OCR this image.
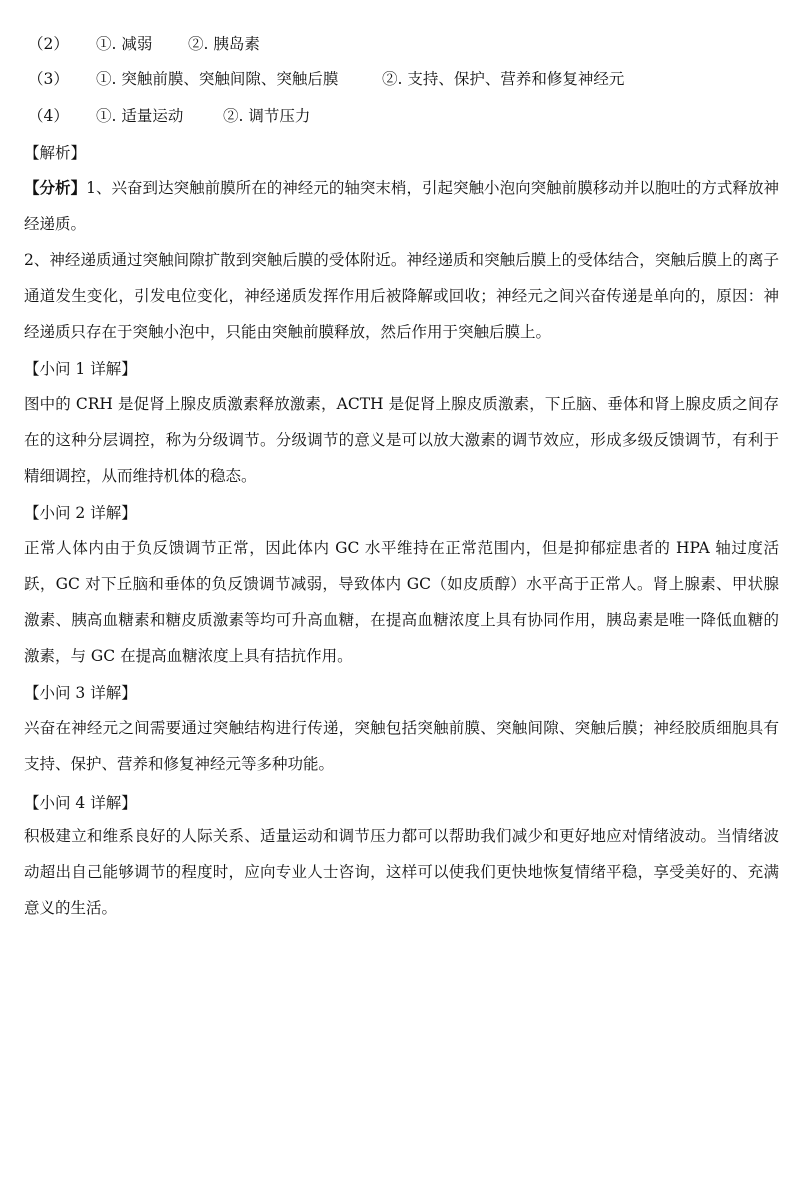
（2） ①. 减弱 ②. 胰岛素
（3） ①. 突触前膜、突触间隙、突触后膜	②. 支持、保护、营养和修复神经元
（4） ①. 适量运动	②. 调节压力
【解析】
【分析】1、兴奋到达突触前膜所在的神经元的轴突末梢，引起突触小泡向突触前膜移动并以胞吐的方式释放神经递质。
2、神经递质通过突触间隙扩散到突触后膜的受体附近。神经递质和突触后膜上的受体结合，突触后膜上的离子通道发生变化，引发电位变化，神经递质发挥作用后被降解或回收；神经元之间兴奋传递是单向的，原因：神经递质只存在于突触小泡中，只能由突触前膜释放，然后作用于突触后膜上。
【小问 1 详解】
图中的 CRH 是促肾上腺皮质激素释放激素，ACTH 是促肾上腺皮质激素，下丘脑、垂体和肾上腺皮质之间存在的这种分层调控，称为分级调节。分级调节的意义是可以放大激素的调节效应，形成多级反馈调节，有利于精细调控，从而维持机体的稳态。
【小问 2 详解】
正常人体内由于负反馈调节正常，因此体内 GC 水平维持在正常范围内，但是抑郁症患者的 HPA 轴过度活跃，GC 对下丘脑和垂体的负反馈调节减弱，导致体内 GC（如皮质醇）水平高于正常人。肾上腺素、甲状腺激素、胰高血糖素和糖皮质激素等均可升高血糖，在提高血糖浓度上具有协同作用，胰岛素是唯一降低血糖的激素，与 GC 在提高血糖浓度上具有拮抗作用。
【小问 3 详解】
兴奋在神经元之间需要通过突触结构进行传递，突触包括突触前膜、突触间隙、突触后膜；神经胶质细胞具有支持、保护、营养和修复神经元等多种功能。
【小问 4 详解】
积极建立和维系良好的人际关系、适量运动和调节压力都可以帮助我们减少和更好地应对情绪波动。当情绪波动超出自己能够调节的程度时，应向专业人士咨询，这样可以使我们更快地恢复情绪平稳，享受美好的、充满意义的生活。
